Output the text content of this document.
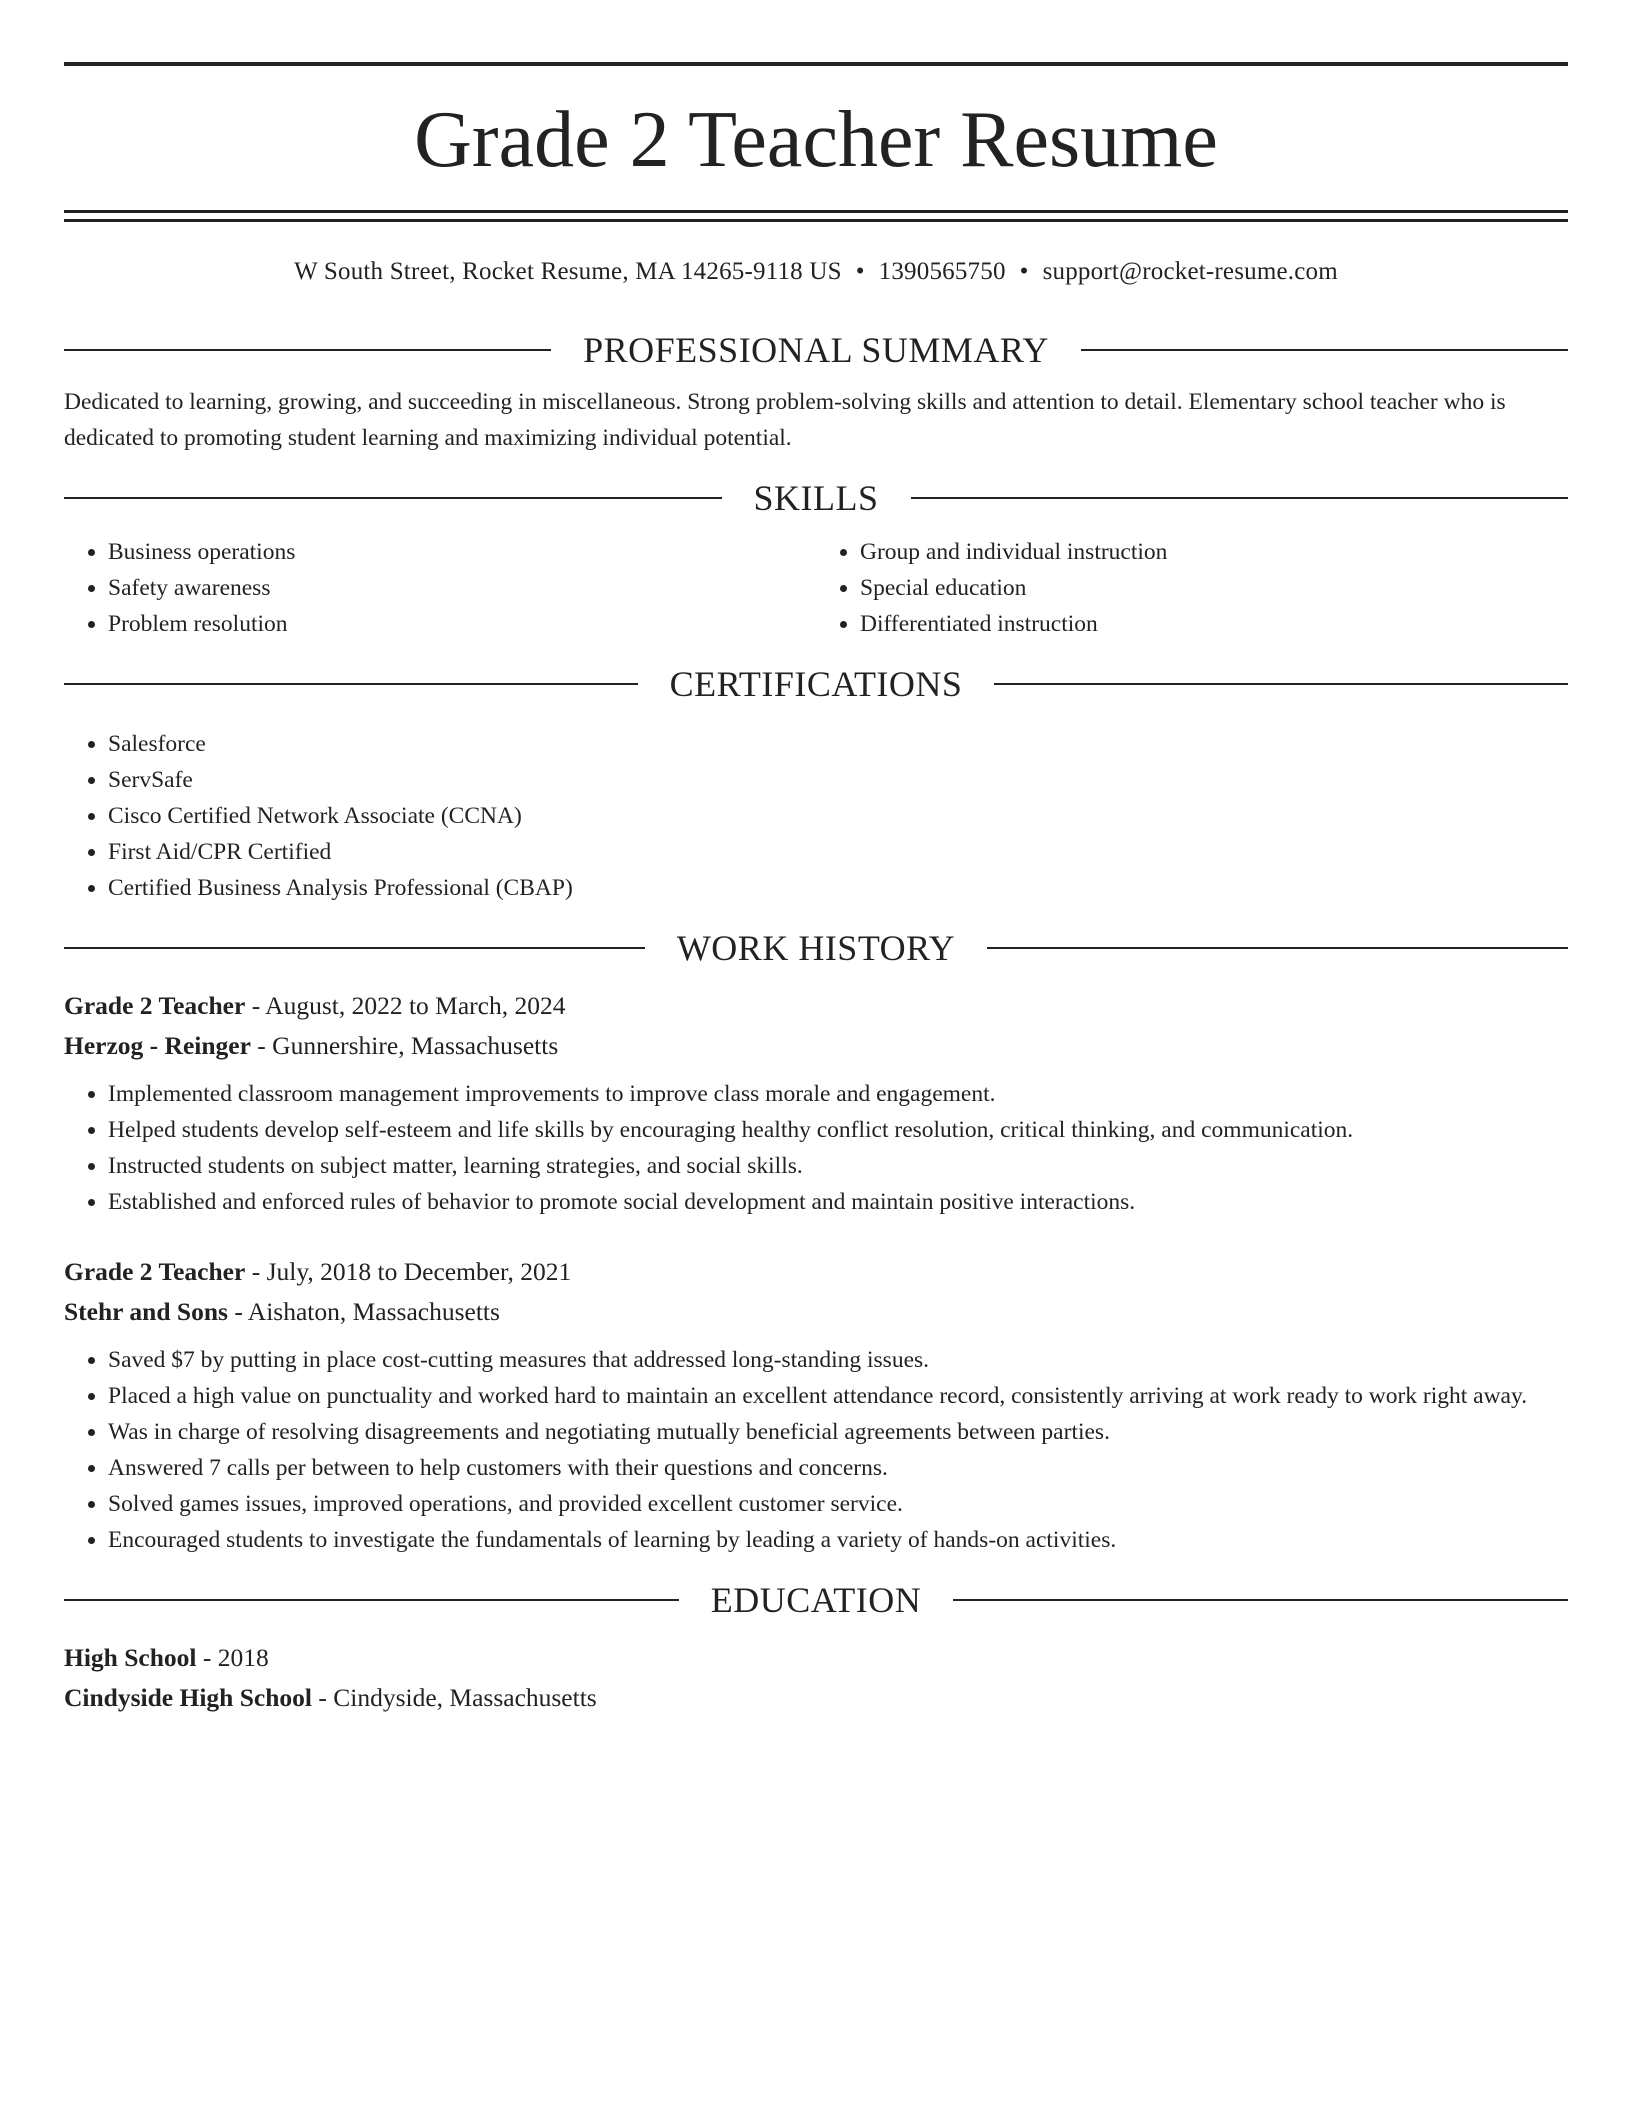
Grade 2 Teacher Resume
W South Street, Rocket Resume, MA 14265-9118 US • 1390565750 • support@rocket-resume.com
PROFESSIONAL SUMMARY

Dedicated to learning, growing, and succeeding in miscellaneous. Strong problem-solving skills and attention to detail. Elementary school teacher who is dedicated to promoting student learning and maximizing individual potential.

SKILLS
• Business operations
• Safety awareness
• Problem resolution
• Group and individual instruction
• Special education
• Differentiated instruction
CERTIFICATIONS
• Salesforce
• ServSafe
• Cisco Certified Network Associate (CCNA)
• First Aid/CPR Certified
• Certified Business Analysis Professional (CBAP)
WORK HISTORY
Grade 2 Teacher - August, 2022 to March, 2024
Herzog - Reinger - Gunnershire, Massachusetts
• Implemented classroom management improvements to improve class morale and engagement.
• Helped students develop self-esteem and life skills by encouraging healthy conflict resolution, critical thinking, and communication.
• Instructed students on subject matter, learning strategies, and social skills.
• Established and enforced rules of behavior to promote social development and maintain positive interactions.
Grade 2 Teacher - July, 2018 to December, 2021
Stehr and Sons - Aishaton, Massachusetts
• Saved $7 by putting in place cost-cutting measures that addressed long-standing issues.
• Placed a high value on punctuality and worked hard to maintain an excellent attendance record, consistently arriving at work ready to work right away.
• Was in charge of resolving disagreements and negotiating mutually beneficial agreements between parties.
• Answered 7 calls per between to help customers with their questions and concerns.
• Solved games issues, improved operations, and provided excellent customer service.
• Encouraged students to investigate the fundamentals of learning by leading a variety of hands-on activities.
EDUCATION
High School - 2018
Cindyside High School - Cindyside, Massachusetts
